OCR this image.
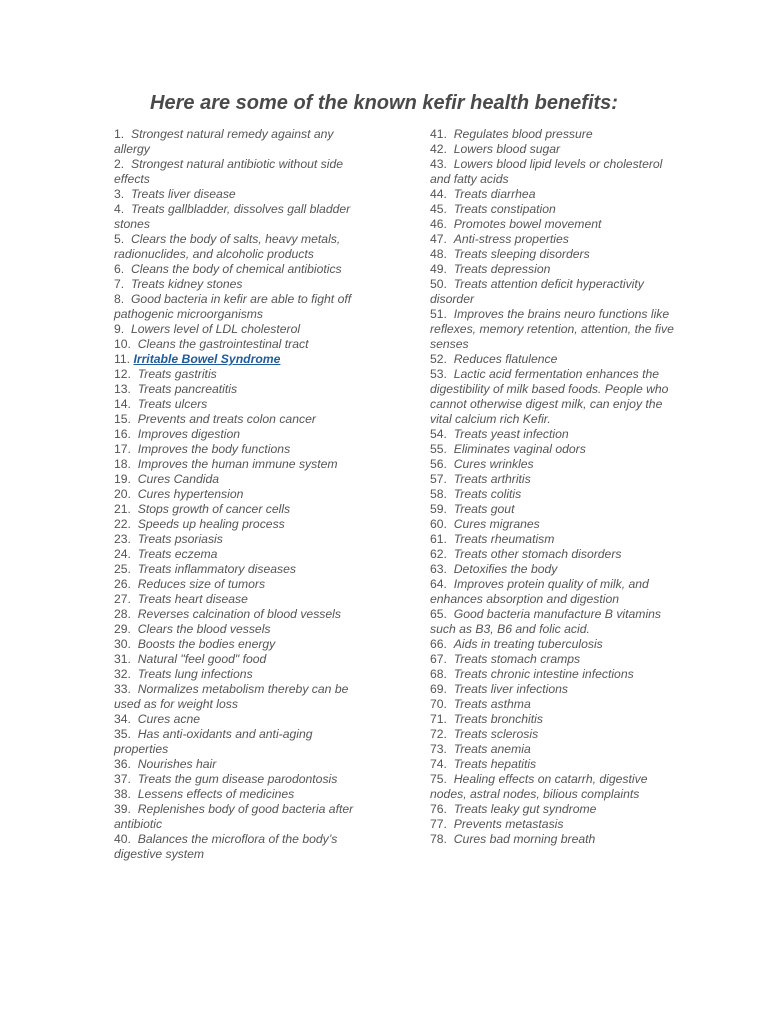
Here are some of the known kefir health benefits:
1. Strongest natural remedy against any allergy
2. Strongest natural antibiotic without side effects
3. Treats liver disease
4. Treats gallbladder, dissolves gall bladder stones
5. Clears the body of salts, heavy metals, radionuclides, and alcoholic products
6. Cleans the body of chemical antibiotics
7. Treats kidney stones
8. Good bacteria in kefir are able to fight off pathogenic microorganisms
9. Lowers level of LDL cholesterol
10. Cleans the gastrointestinal tract
11. Irritable Bowel Syndrome
12. Treats gastritis
13. Treats pancreatitis
14. Treats ulcers
15. Prevents and treats colon cancer
16. Improves digestion
17. Improves the body functions
18. Improves the human immune system
19. Cures Candida
20. Cures hypertension
21. Stops growth of cancer cells
22. Speeds up healing process
23. Treats psoriasis
24. Treats eczema
25. Treats inflammatory diseases
26. Reduces size of tumors
27. Treats heart disease
28. Reverses calcination of blood vessels
29. Clears the blood vessels
30. Boosts the bodies energy
31. Natural "feel good" food
32. Treats lung infections
33. Normalizes metabolism thereby can be used as for weight loss
34. Cures acne
35. Has anti-oxidants and anti-aging properties
36. Nourishes hair
37. Treats the gum disease parodontosis
38. Lessens effects of medicines
39. Replenishes body of good bacteria after antibiotic
40. Balances the microflora of the body’s digestive system
41. Regulates blood pressure
42. Lowers blood sugar
43. Lowers blood lipid levels or cholesterol and fatty acids
44. Treats diarrhea
45. Treats constipation
46. Promotes bowel movement
47. Anti-stress properties
48. Treats sleeping disorders
49. Treats depression
50. Treats attention deficit hyperactivity disorder
51. Improves the brains neuro functions like reflexes, memory retention, attention, the five senses
52. Reduces flatulence
53. Lactic acid fermentation enhances the digestibility of milk based foods. People who cannot otherwise digest milk, can enjoy the vital calcium rich Kefir.
54. Treats yeast infection
55. Eliminates vaginal odors
56. Cures wrinkles
57. Treats arthritis
58. Treats colitis
59. Treats gout
60. Cures migranes
61. Treats rheumatism
62. Treats other stomach disorders
63. Detoxifies the body
64. Improves protein quality of milk, and enhances absorption and digestion
65. Good bacteria manufacture B vitamins such as B3, B6 and folic acid.
66. Aids in treating tuberculosis
67. Treats stomach cramps
68. Treats chronic intestine infections
69. Treats liver infections
70. Treats asthma
71. Treats bronchitis
72. Treats sclerosis
73. Treats anemia
74. Treats hepatitis
75. Healing effects on catarrh, digestive nodes, astral nodes, bilious complaints
76. Treats leaky gut syndrome
77. Prevents metastasis
78. Cures bad morning breath
